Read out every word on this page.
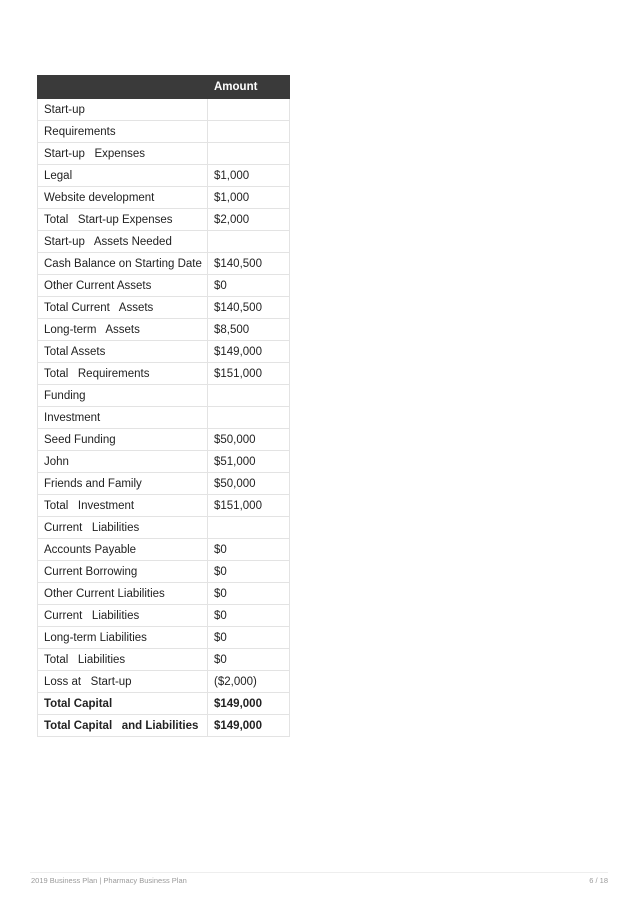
	Amount
Start-up	
Requirements	
Start-up   Expenses	
Legal	$1,000
Website development	$1,000
Total   Start-up Expenses	$2,000
Start-up   Assets Needed	
Cash Balance on Starting Date	$140,500
Other Current Assets	$0
Total Current   Assets	$140,500
Long-term   Assets	$8,500
Total Assets	$149,000
Total   Requirements	$151,000
Funding	
Investment	
Seed Funding	$50,000
John	$51,000
Friends and Family	$50,000
Total   Investment	$151,000
Current   Liabilities	
Accounts Payable	$0
Current Borrowing	$0
Other Current Liabilities	$0
Current   Liabilities	$0
Long-term Liabilities	$0
Total   Liabilities	$0
Loss at   Start-up	($2,000)
Total Capital	$149,000
Total Capital   and Liabilities	$149,000
2019 Business Plan | Pharmacy Business Plan	6 / 18
